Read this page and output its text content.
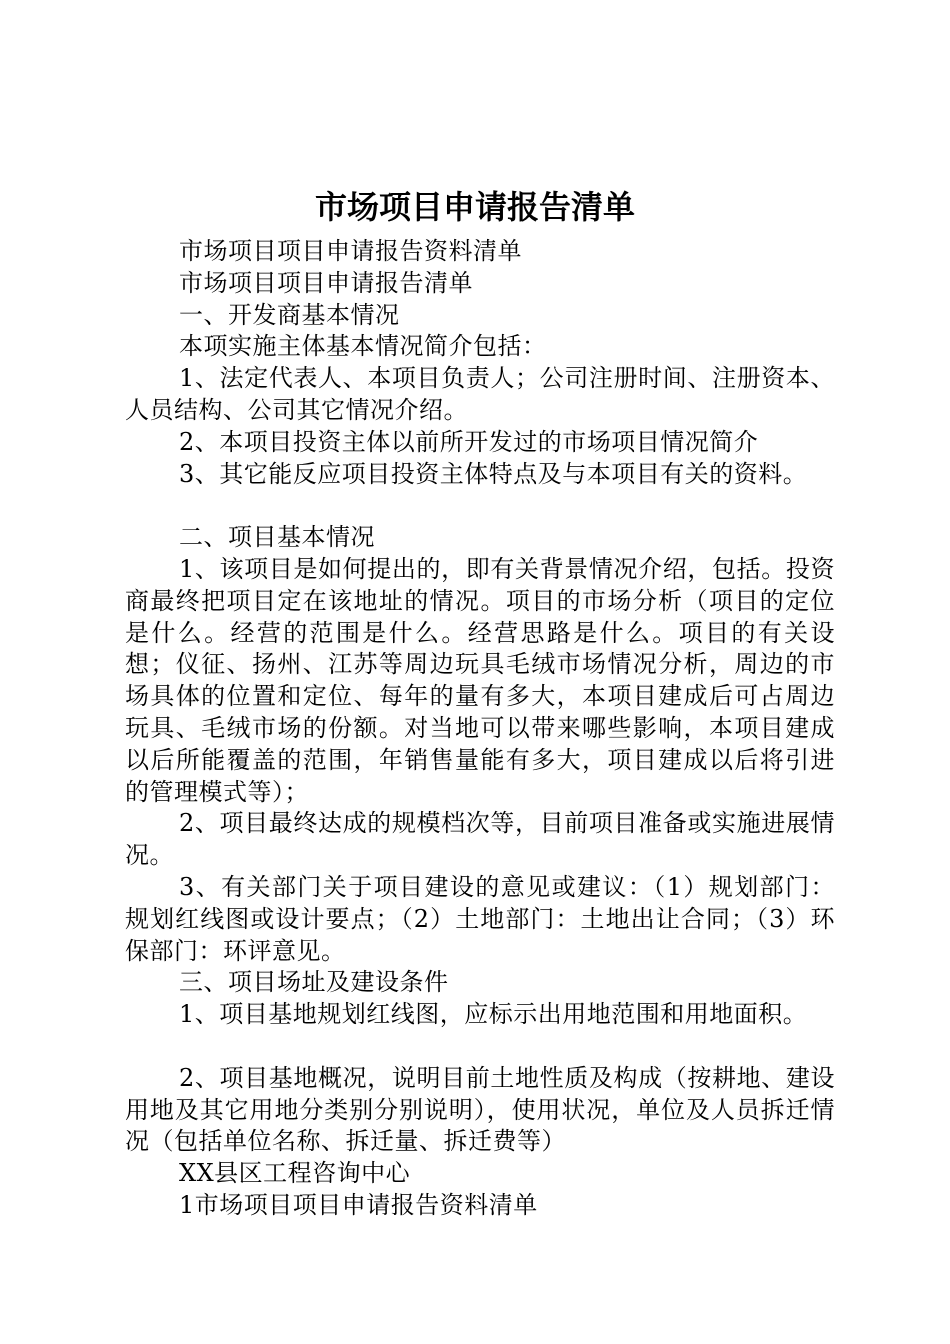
市场项目申请报告清单

市场项目项目申请报告资料清单

市场项目项目申请报告清单

一、开发商基本情况

本项实施主体基本情况简介包括：

1、法定代表人、本项目负责人；公司注册时间、注册资本、人员结构、公司其它情况介绍。

2、本项目投资主体以前所开发过的市场项目情况简介

3、其它能反应项目投资主体特点及与本项目有关的资料。

二、项目基本情况

1、该项目是如何提出的，即有关背景情况介绍，包括。投资商最终把项目定在该地址的情况。项目的市场分析（项目的定位是什么。经营的范围是什么。经营思路是什么。项目的有关设想；仪征、扬州、江苏等周边玩具毛绒市场情况分析，周边的市场具体的位置和定位、每年的量有多大，本项目建成后可占周边玩具、毛绒市场的份额。对当地可以带来哪些影响，本项目建成以后所能覆盖的范围，年销售量能有多大，项目建成以后将引进的管理模式等）；

2、项目最终达成的规模档次等，目前项目准备或实施进展情况。

3、有关部门关于项目建设的意见或建议：（1）规划部门：规划红线图或设计要点；（2）土地部门：土地出让合同；（3）环保部门：环评意见。

三、项目场址及建设条件

1、项目基地规划红线图，应标示出用地范围和用地面积。

2、项目基地概况，说明目前土地性质及构成（按耕地、建设用地及其它用地分类别分别说明），使用状况，单位及人员拆迁情况（包括单位名称、拆迁量、拆迁费等）

XX县区工程咨询中心

1市场项目项目申请报告资料清单
